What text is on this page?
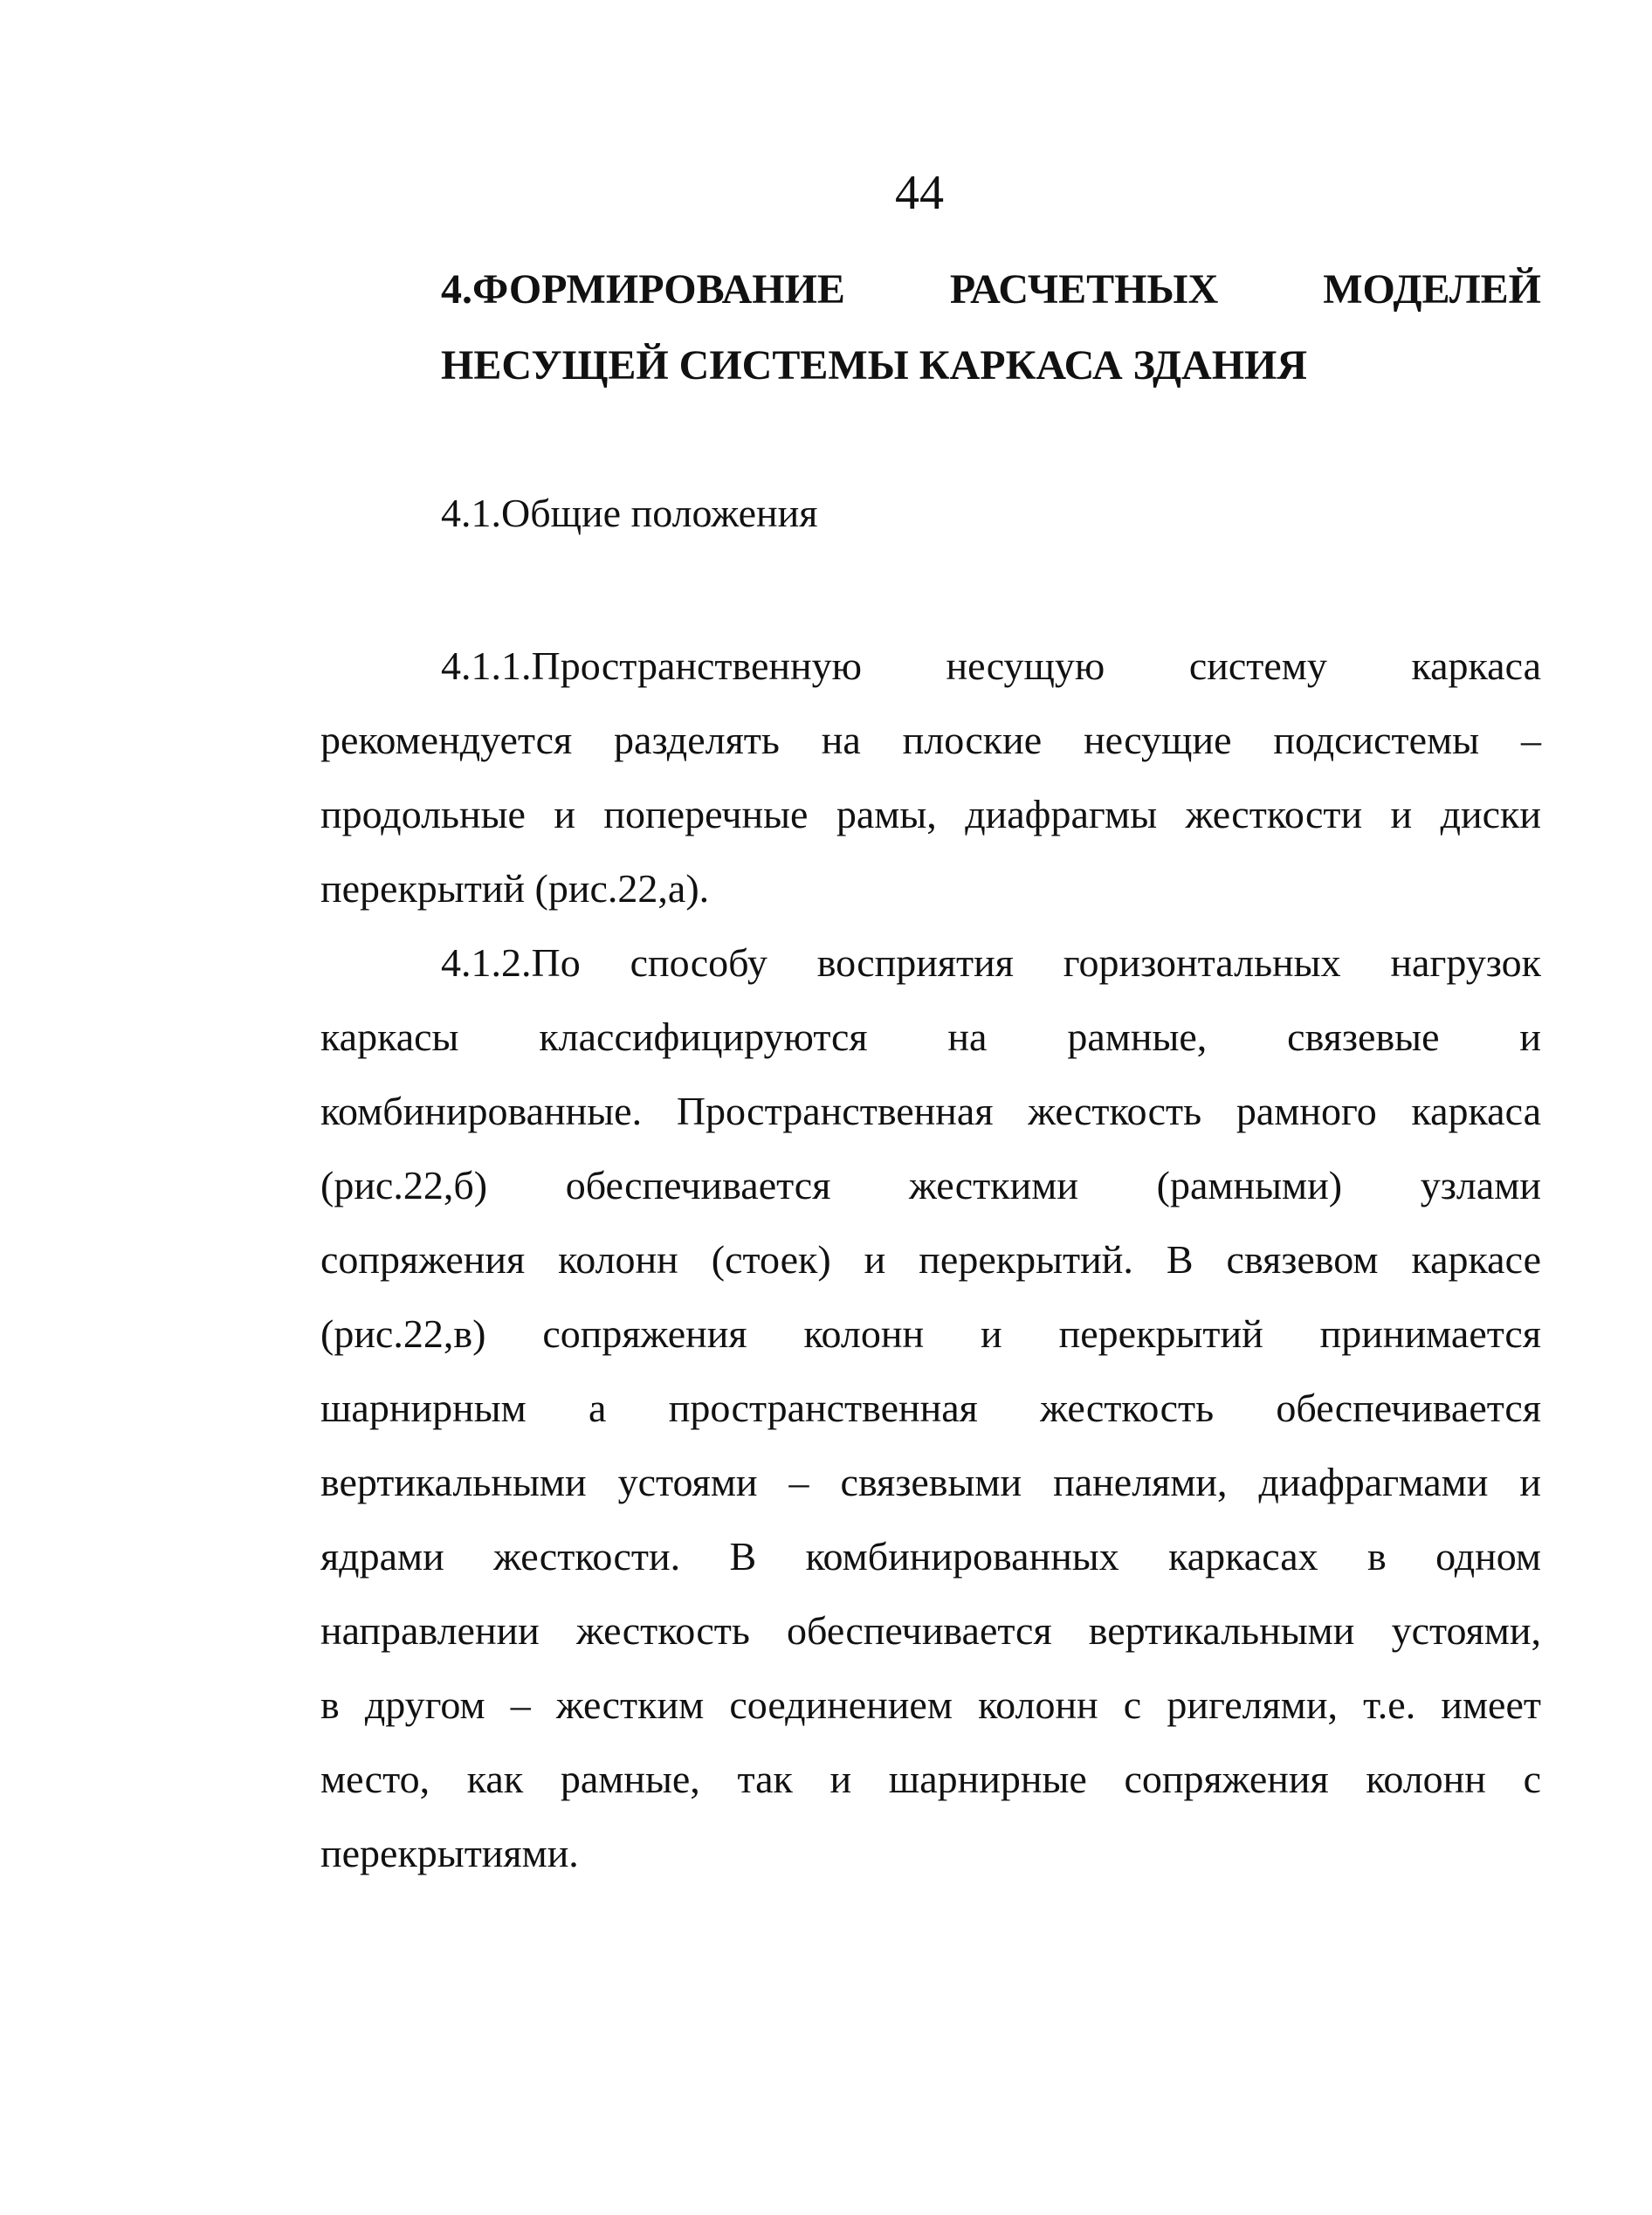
44
4.ФОРМИРОВАНИЕ РАСЧЕТНЫХ МОДЕЛЕЙ
НЕСУЩЕЙ СИСТЕМЫ КАРКАСА ЗДАНИЯ
4.1.Общие положения
4.1.1.Пространственную несущую систему каркаса
рекомендуется разделять на плоские несущие подсистемы –
продольные и поперечные рамы, диафрагмы жесткости и диски
перекрытий (рис.22,а).
4.1.2.По способу восприятия горизонтальных нагрузок
каркасы классифицируются на рамные, связевые и
комбинированные. Пространственная жесткость рамного каркаса
(рис.22,б) обеспечивается жесткими (рамными) узлами
сопряжения колонн (стоек) и перекрытий. В связевом каркасе
(рис.22,в) сопряжения колонн и перекрытий принимается
шарнирным а пространственная жесткость обеспечивается
вертикальными устоями – связевыми панелями, диафрагмами и
ядрами жесткости. В комбинированных каркасах в одном
направлении жесткость обеспечивается вертикальными устоями,
в другом – жестким соединением колонн с ригелями, т.е. имеет
место, как рамные, так и шарнирные сопряжения колонн с
перекрытиями.
